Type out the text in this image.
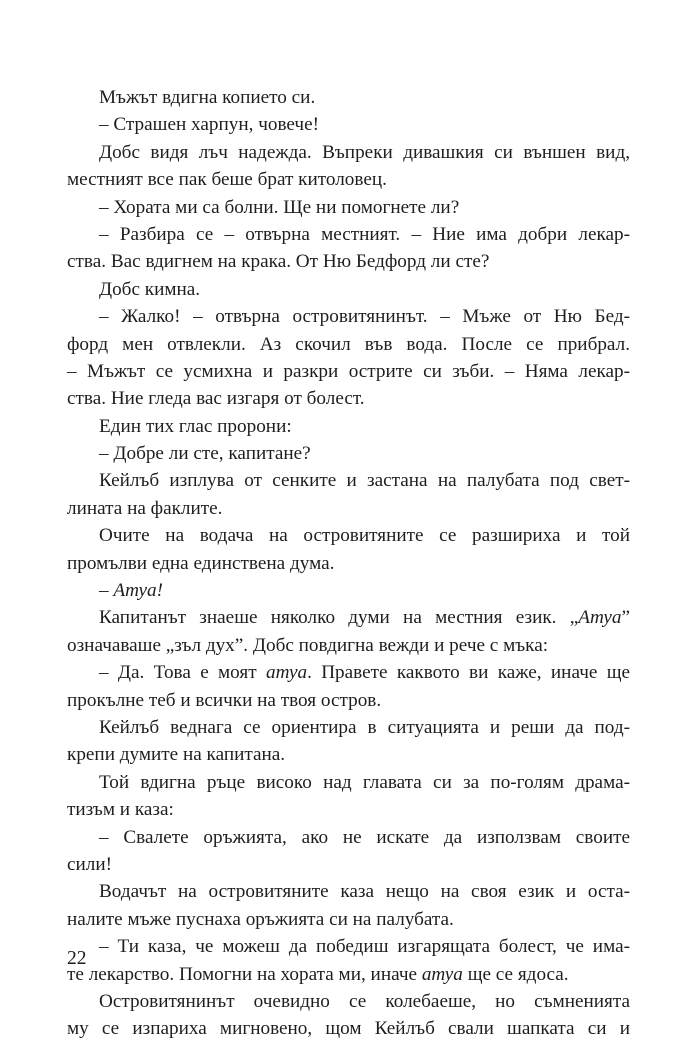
Мъжът вдигна копието си.
– Страшен харпун, човече!
Добс видя лъч надежда. Въпреки дивашкия си външен вид,
местният все пак беше брат китоловец.
– Хората ми са болни. Ще ни помогнете ли?
– Разбира се – отвърна местният. – Ние има добри лекар-
ства. Вас вдигнем на крака. От Ню Бедфорд ли сте?
Добс кимна.
– Жалко! – отвърна островитянинът. – Мъже от Ню Бед-
форд мен отвлекли. Аз скочил във вода. После се прибрал.
– Мъжът се усмихна и разкри острите си зъби. – Няма лекар-
ства. Ние гледа вас изгаря от болест.
Един тих глас пророни:
– Добре ли сте, капитане?
Кейлъб изплува от сенките и застана на палубата под свет-
лината на факлите.
Очите на водача на островитяните се разшириха и той
промълви една единствена дума.
– Атуа!
Капитанът знаеше няколко думи на местния език. „Атуа”
означаваше „зъл дух”. Добс повдигна вежди и рече с мъка:
– Да. Това е моят атуа. Правете каквото ви каже, иначе ще
прокълне теб и всички на твоя остров.
Кейлъб веднага се ориентира в ситуацията и реши да под-
крепи думите на капитана.
Той вдигна ръце високо над главата си за по-голям драма-
тизъм и каза:
– Свалете оръжията, ако не искате да използвам своите
сили!
Водачът на островитяните каза нещо на своя език и оста-
налите мъже пуснаха оръжията си на палубата.
– Ти каза, че можеш да победиш изгарящата болест, че има-
те лекарство. Помогни на хората ми, иначе атуа ще се ядоса.
Островитянинът очевидно се колебаеше, но съмненията
му се изпариха мигновено, щом Кейлъб свали шапката си и
22
